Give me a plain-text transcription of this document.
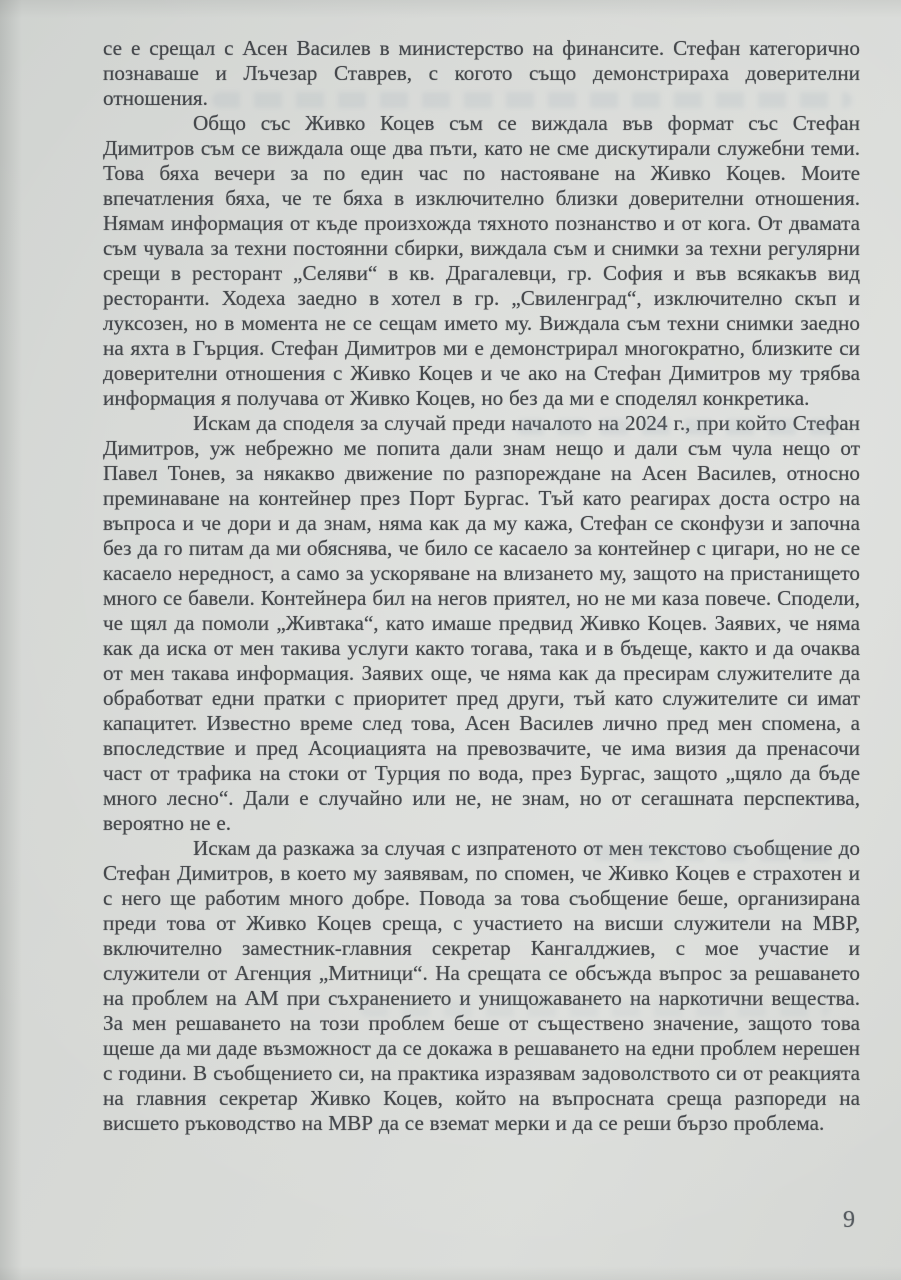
се е срещал с Асен Василев в министерство на финансите. Стефан категорично познаваше и Лъчезар Ставрев, с когото също демонстрираха доверителни отношения.

Общо със Живко Коцев съм се виждала във формат със Стефан Димитров съм се виждала още два пъти, като не сме дискутирали служебни теми. Това бяха вечери за по един час по настояване на Живко Коцев. Моите впечатления бяха, че те бяха в изключително близки доверителни отношения. Нямам информация от къде произхожда тяхното познанство и от кога. От двамата съм чувала за техни постоянни сбирки, виждала съм и снимки за техни регулярни срещи в ресторант „Селяви“ в кв. Драгалевци, гр. София и във всякакъв вид ресторанти. Ходеха заедно в хотел в гр. „Свиленград“, изключително скъп и луксозен, но в момента не се сещам името му. Виждала съм техни снимки заедно на яхта в Гърция. Стефан Димитров ми е демонстрирал многократно, близките си доверителни отношения с Живко Коцев и че ако на Стефан Димитров му трябва информация я получава от Живко Коцев, но без да ми е споделял конкретика.

Искам да споделя за случай преди началото на 2024 г., при който Стефан Димитров, уж небрежно ме попита дали знам нещо и дали съм чула нещо от Павел Тонев, за някакво движение по разпореждане на Асен Василев, относно преминаване на контейнер през Порт Бургас. Тъй като реагирах доста остро на въпроса и че дори и да знам, няма как да му кажа, Стефан се сконфузи и започна без да го питам да ми обяснява, че било се касаело за контейнер с цигари, но не се касаело нередност, а само за ускоряване на влизането му, защото на пристанището много се бавели. Контейнера бил на негов приятел, но не ми каза повече. Сподели, че щял да помоли „Живтака“, като имаше предвид Живко Коцев. Заявих, че няма как да иска от мен такива услуги както тогава, така и в бъдеще, както и да очаква от мен такава информация. Заявих още, че няма как да пресирам служителите да обработват едни пратки с приоритет пред други, тъй като служителите си имат капацитет. Известно време след това, Асен Василев лично пред мен спомена, а впоследствие и пред Асоциацията на превозвачите, че има визия да пренасочи част от трафика на стоки от Турция по вода, през Бургас, защото „щяло да бъде много лесно“. Дали е случайно или не, не знам, но от сегашната перспектива, вероятно не е.

Искам да разкажа за случая с изпратеното от мен текстово съобщение до Стефан Димитров, в което му заявявам, по спомен, че Живко Коцев е страхотен и с него ще работим много добре. Повода за това съобщение беше, организирана преди това от Живко Коцев среща, с участието на висши служители на МВР, включително заместник-главния секретар Кангалджиев, с мое участие и служители от Агенция „Митници“. На срещата се обсъжда въпрос за решаването на проблем на АМ при съхранението и унищожаването на наркотични вещества. За мен решаването на този проблем беше от съществено значение, защото това щеше да ми даде възможност да се докажа в решаването на едни проблем нерешен с години. В съобщението си, на практика изразявам задоволството си от реакцията на главния секретар Живко Коцев, който на въпросната среща разпореди на висшето ръководство на МВР да се вземат мерки и да се реши бързо проблема.

9
